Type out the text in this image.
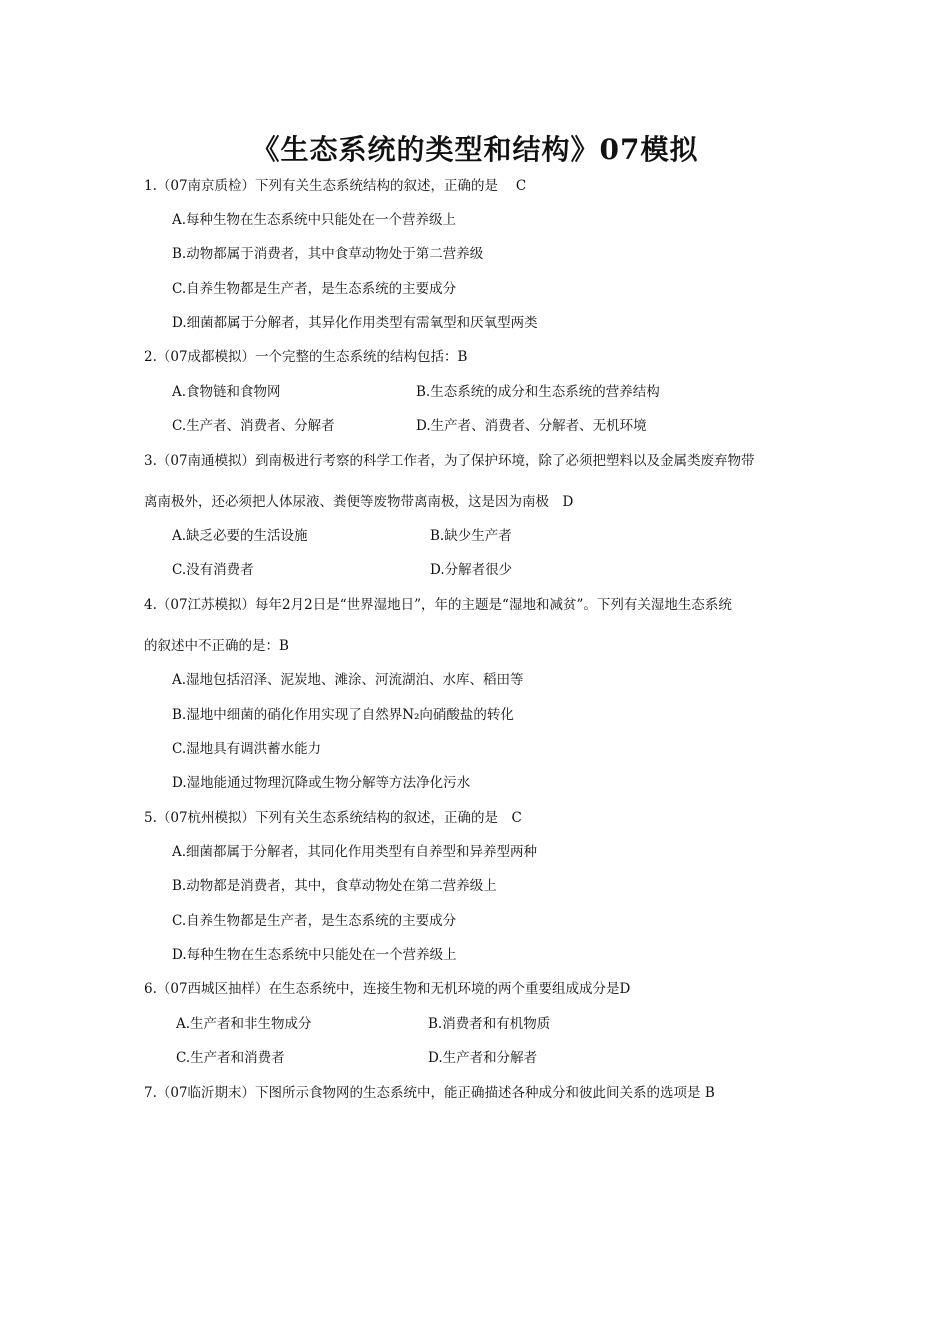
《生态系统的类型和结构》07模拟
1.（07南京质检）下列有关生态系统结构的叙述，正确的是　 C
A.每种生物在生态系统中只能处在一个营养级上
B.动物都属于消费者，其中食草动物处于第二营养级
C.自养生物都是生产者，是生态系统的主要成分
D.细菌都属于分解者，其异化作用类型有需氧型和厌氧型两类
2.（07成都模拟）一个完整的生态系统的结构包括：B
A.食物链和食物网	B.生态系统的成分和生态系统的营养结构
C.生产者、消费者、分解者	D.生产者、消费者、分解者、无机环境
3.（07南通模拟）到南极进行考察的科学工作者，为了保护环境，除了必须把塑料以及金属类废弃物带
离南极外，还必须把人体尿液、粪便等废物带离南极，这是因为南极　D
A.缺乏必要的生活设施	B.缺少生产者
C.没有消费者	D.分解者很少
4.（07江苏模拟）每年2月2日是“世界湿地日”，年的主题是“湿地和减贫”。下列有关湿地生态系统
的叙述中不正确的是：B
A.湿地包括沼泽、泥炭地、滩涂、河流湖泊、水库、稻田等
B.湿地中细菌的硝化作用实现了自然界N₂向硝酸盐的转化
C.湿地具有调洪蓄水能力
D.湿地能通过物理沉降或生物分解等方法净化污水
5.（07杭州模拟）下列有关生态系统结构的叙述，正确的是　C
A.细菌都属于分解者，其同化作用类型有自养型和异养型两种
B.动物都是消费者，其中，食草动物处在第二营养级上
C.自养生物都是生产者，是生态系统的主要成分
D.每种生物在生态系统中只能处在一个营养级上
6.（07西城区抽样）在生态系统中，连接生物和无机环境的两个重要组成成分是D
A.生产者和非生物成分	B.消费者和有机物质
C.生产者和消费者	D.生产者和分解者
7.（07临沂期末）下图所示食物网的生态系统中，能正确描述各种成分和彼此间关系的选项是 B
